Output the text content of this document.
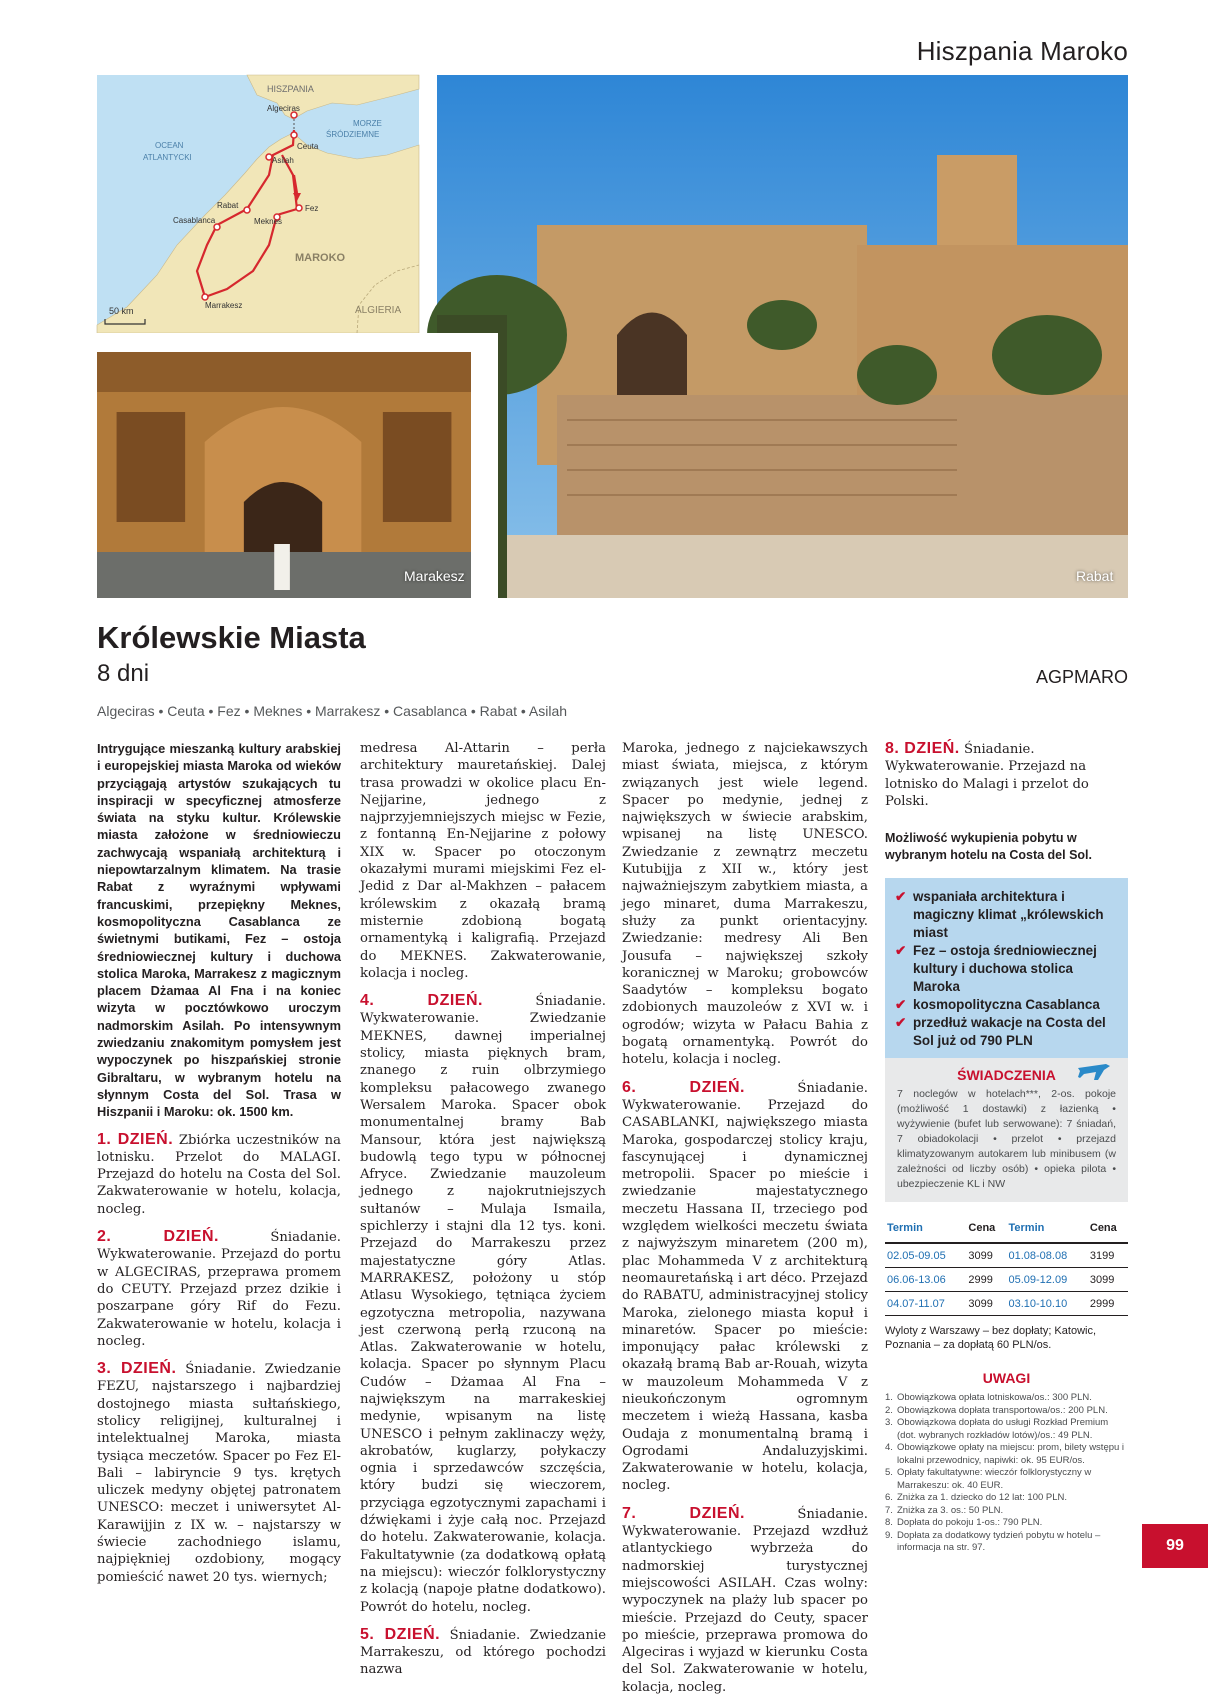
Hiszpania Maroko
Algeciras
Ceuta
Asilah
Rabat
Casablanca	Meknes
Fez
Marrakesz
HISZPANIA
OCEAN
ATLANTYCKI
MORZE
ŚRÓDZIEMNE
MAROKO
ALGIERIA
50 km
Rabat
Marakesz
Królewskie Miasta
8 dni	AGPMARO
Algeciras • Ceuta • Fez • Meknes • Marrakesz • Casablanca • Rabat • Asilah

Intrygujące mieszanką kultury arabskiej i europejskiej miasta Maroka od wieków przyciągają artystów szukających tu inspiracji w specyficznej atmosferze świata na styku kultur. Królewskie miasta założone w średniowieczu zachwycają wspaniałą architekturą i niepowtarzalnym klimatem. Na trasie Rabat z wyraźnymi wpływami francuskimi, przepiękny Meknes, kosmopolityczna Casablanca ze świetnymi butikami, Fez – ostoja średniowiecznej kultury i duchowa stolica Maroka, Marrakesz z magicznym placem Dżamaa Al Fna i na koniec wizyta w pocztówkowo uroczym nadmorskim Asilah. Po intensywnym zwiedzaniu znakomitym pomysłem jest wypoczynek po hiszpańskiej stronie Gibraltaru, w wybranym hotelu na słynnym Costa del Sol. Trasa w Hiszpanii i Maroku: ok. 1500 km.

1. DZIEŃ. Zbiórka uczestników na lotnisku. Przelot do MALAGI. Przejazd do hotelu na Costa del Sol. Zakwaterowanie w hotelu, kolacja, nocleg.

2. DZIEŃ.	Śniadanie. Wykwaterowanie. Przejazd do portu w ALGECIRAS, przeprawa promem do CEUTY. Przejazd przez dzikie i poszarpane góry Rif do Fezu. Zakwaterowanie w hotelu, kolacja i nocleg.

3. DZIEŃ. Śniadanie. Zwiedzanie FEZU, najstarszego i najbardziej dostojnego miasta sułtańskiego, stolicy religijnej, kulturalnej i intelektualnej Maroka, miasta tysiąca meczetów. Spacer po Fez El-Bali – labiryncie 9 tys. krętych uliczek medyny objętej patronatem UNESCO: meczet i uniwersytet Al-Karawijjin z IX w. – najstarszy w świecie zachodniego islamu, najpiękniej ozdobiony, mogący pomieścić nawet 20 tys. wiernych;

medresa Al-Attarin – perła architektury mauretańskiej. Dalej trasa prowadzi w okolice placu En-Nejjarine, jednego z najprzyjemniejszych miejsc w Fezie, z fontanną En-Nejjarine z połowy XIX w. Spacer po otoczonym okazałymi murami miejskimi Fez el-Jedid z Dar al-Makhzen – pałacem królewskim z okazałą bramą misternie zdobioną bogatą ornamentyką i kaligrafią. Przejazd do MEKNES. Zakwaterowanie, kolacja i nocleg.

4. DZIEŃ.	Śniadanie. Wykwaterowanie. Zwiedzanie MEKNES, dawnej imperialnej stolicy, miasta pięknych bram, znanego z ruin olbrzymiego kompleksu pałacowego zwanego Wersalem Maroka. Spacer obok monumentalnej bramy Bab Mansour, która jest największą budowlą tego typu w północnej Afryce. Zwiedzanie mauzoleum jednego z najokrutniejszych sułtanów – Mulaja Ismaila, spichlerzy i stajni dla 12 tys. koni. Przejazd do Marrakeszu przez majestatyczne góry Atlas. MARRAKESZ, położony u stóp Atlasu Wysokiego, tętniąca życiem egzotyczna metropolia, nazywana jest czerwoną perłą rzuconą na Atlas. Zakwaterowanie w hotelu, kolacja. Spacer po słynnym Placu Cudów – Dżamaa Al Fna – największym na marrakeskiej medynie, wpisanym na listę UNESCO i pełnym zaklinaczy węży, akrobatów, kuglarzy, połykaczy ognia i sprzedawców szczęścia, który budzi się wieczorem, przyciąga egzotycznymi zapachami i dźwiękami i żyje całą noc. Przejazd do hotelu. Zakwaterowanie, kolacja. Fakultatywnie (za dodatkową opłatą na miejscu): wieczór folklorystyczny z kolacją (napoje płatne dodatkowo). Powrót do hotelu, nocleg.

5. DZIEŃ. Śniadanie. Zwiedzanie Marrakeszu, od którego pochodzi nazwa

Maroka, jednego z najciekawszych miast świata, miejsca, z którym związanych jest wiele legend. Spacer po medynie, jednej z największych w świecie arabskim, wpisanej na listę UNESCO. Zwiedzanie z zewnątrz meczetu Kutubijja z XII w., który jest najważniejszym zabytkiem miasta, a jego minaret, duma Marrakeszu, służy za punkt orientacyjny. Zwiedzanie: medresy Ali Ben Jousufa – największej szkoły koranicznej w Maroku; grobowców Saadytów – kompleksu bogato zdobionych mauzoleów z XVI w. i ogrodów; wizyta w Pałacu Bahia z bogatą ornamentyką. Powrót do hotelu, kolacja i nocleg.

6. DZIEŃ.	Śniadanie. Wykwaterowanie. Przejazd do CASABLANKI, największego miasta Maroka, gospodarczej stolicy kraju, fascynującej i dynamicznej metropolii. Spacer po mieście i zwiedzanie majestatycznego meczetu Hassana II, trzeciego pod względem wielkości meczetu świata z najwyższym minaretem (200 m), plac Mohammeda V z architekturą neomauretańską i art déco. Przejazd do RABATU, administracyjnej stolicy Maroka, zielonego miasta kopuł i minaretów. Spacer po mieście: imponujący pałac królewski z okazałą bramą Bab ar-Rouah, wizyta w mauzoleum Mohammeda V z nieukończonym ogromnym meczetem i wieżą Hassana, kasba Oudaja z monumentalną bramą i Ogrodami Andaluzyjskimi. Zakwaterowanie w hotelu, kolacja, nocleg.

7. DZIEŃ.	Śniadanie. Wykwaterowanie. Przejazd wzdłuż atlantyckiego wybrzeża do nadmorskiej turystycznej miejscowości ASILAH. Czas wolny: wypoczynek na plaży lub spacer po mieście. Przejazd do Ceuty, spacer po mieście, przeprawa promowa do Algeciras i wyjazd w kierunku Costa del Sol. Zakwaterowanie w hotelu, kolacja, nocleg.

8. DZIEŃ. Śniadanie. Wykwaterowanie. Przejazd na lotnisko do Malagi i przelot do Polski.

Możliwość wykupienia pobytu w wybranym hotelu na Costa del Sol.

✔ wspaniała architektura i magiczny klimat „królewskich miast
✔ Fez – ostoja średniowiecznej kultury i duchowa stolica Maroka
✔ kosmopolityczna Casablanca
✔ przedłuż wakacje na Costa del Sol już od 790 PLN
ŚWIADCZENIA
7 noclegów w hotelach***, 2-os. pokoje (możliwość 1 dostawki) z łazienką • wyżywienie (bufet lub serwowane): 7 śniadań, 7 obiadokolacji • przelot • przejazd klimatyzowanym autokarem lub minibusem (w zależności od liczby osób) • opieka pilota • ubezpieczenie KL i NW
Termin	Cena	Termin	Cena
02.05-09.05	3099	01.08-08.08	3199
06.06-13.06	2999	05.09-12.09	3099
04.07-11.07	3099	03.10-10.10	2999

Wyloty z Warszawy – bez dopłaty; Katowic, Poznania – za dopłatą 60 PLN/os.

UWAGI
1. Obowiązkowa opłata lotniskowa/os.: 300 PLN.
2. Obowiązkowa dopłata transportowa/os.: 200 PLN.
3. Obowiązkowa dopłata do usługi Rozkład Premium (dot. wybranych rozkładów lotów)/os.: 49 PLN.
4. Obowiązkowe opłaty na miejscu: prom, bilety wstępu i lokalni przewodnicy, napiwki: ok. 95 EUR/os.
5. Opłaty fakultatywne: wieczór folklorystyczny w Marrakeszu: ok. 40 EUR.
6. Zniżka za 1. dziecko do 12 lat: 100 PLN.
7. Zniżka za 3. os.: 50 PLN.
8. Dopłata do pokoju 1-os.: 790 PLN.
9. Dopłata za dodatkowy tydzień pobytu w hotelu – informacja na str. 97.	99
